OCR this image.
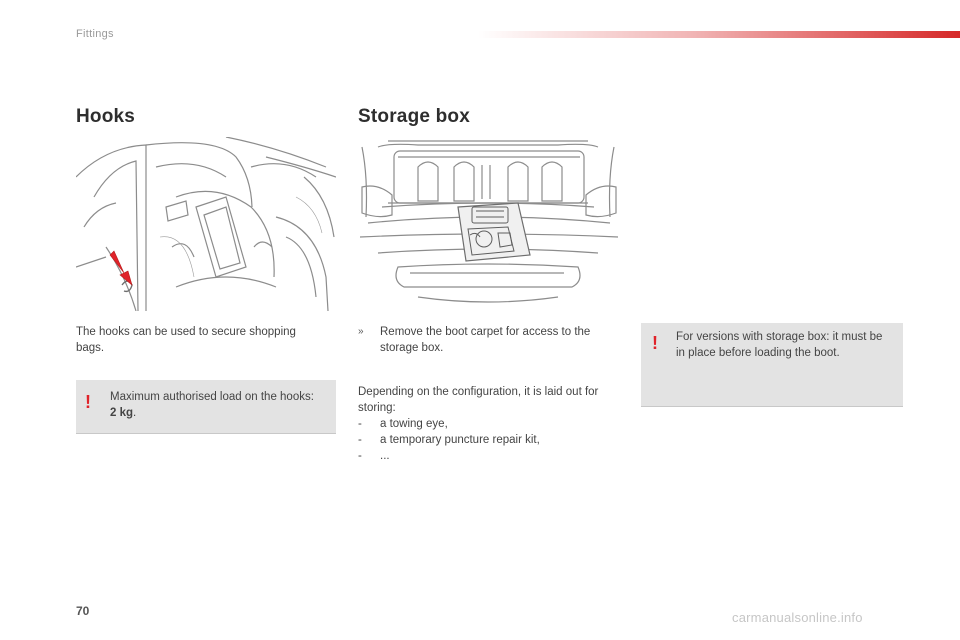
Fittings
Hooks
The hooks can be used to secure shopping bags.
! Maximum authorised load on the hooks: 2 kg.
Storage box
»	Remove the boot carpet for access to the storage box.
Depending on the configuration, it is laid out for storing:
- a towing eye,
- a temporary puncture repair kit,
- ...
! For versions with storage box: it must be in place before loading the boot.
70	carmanualsonline.info
